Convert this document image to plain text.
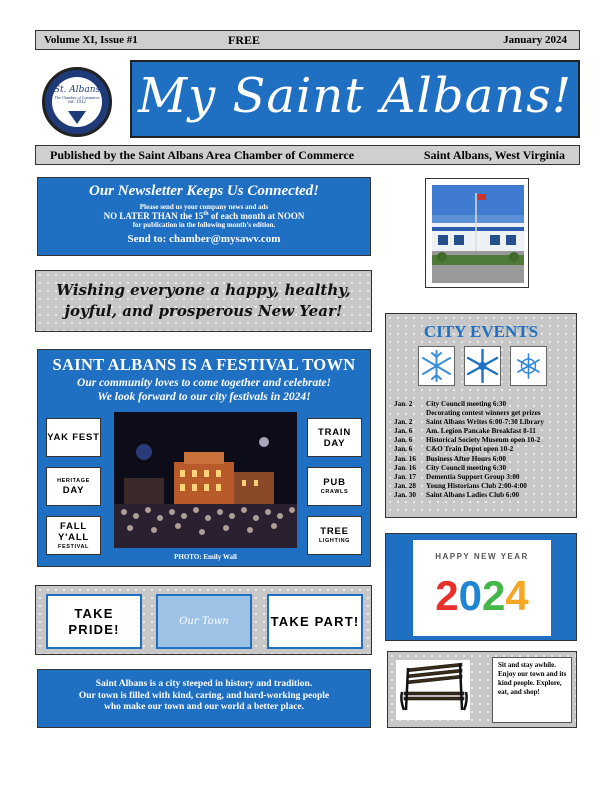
Volume XI, Issue #1	FREE	January 2024
St. Albans
The Chamber of Commerce
est. 1912	My Saint Albans!
Published by the Saint Albans Area Chamber of Commerce	Saint Albans, West Virginia
Our Newsletter Keeps Us Connected!
Please send us your company news and ads
NO LATER THAN the 15th of each month at NOON
for publication in the following month’s edition.
Send to: chamber@mysawv.com
Wishing everyone a happy, healthy,
joyful, and prosperous New Year!
CITY EVENTS
Jan. 2	City Council meeting 6:30
Decorating contest winners get prizes
Jan. 2	Saint Albans Writes 6:00-7:30 Library
Jan. 6	Am. Legion Pancake Breakfast 8-11
Jan. 6	Historical Society Museum open 10-2
Jan. 6	C&O Train Depot open 10-2
Jan. 16	Business After Hours 6:00
Jan. 16	City Council meeting 6:30
Jan. 17	Dementia Support Group 3:00
Jan. 28	Young Historians Club 2:00-4:00
Jan. 30	Saint Albans Ladies Club 6:00
SAINT ALBANS IS A FESTIVAL TOWN
Our community loves to come together and celebrate!
We look forward to our city festivals in 2024!
YAK FEST
HERITAGE
DAY
FALL Y'ALL
FESTIVAL
TRAIN DAY
PUB
CRAWLS
TREE
LIGHTING
PHOTO: Emily Wall	HAPPY NEW YEAR
2024
TAKE PRIDE!
Our Town	TAKE PART!
Saint Albans is a city steeped in history and tradition.
Our town is filled with kind, caring, and hard-working people
who make our town and our world a better place.
Sit and stay awhile. Enjoy our town and its kind people. Explore, eat, and shop!
